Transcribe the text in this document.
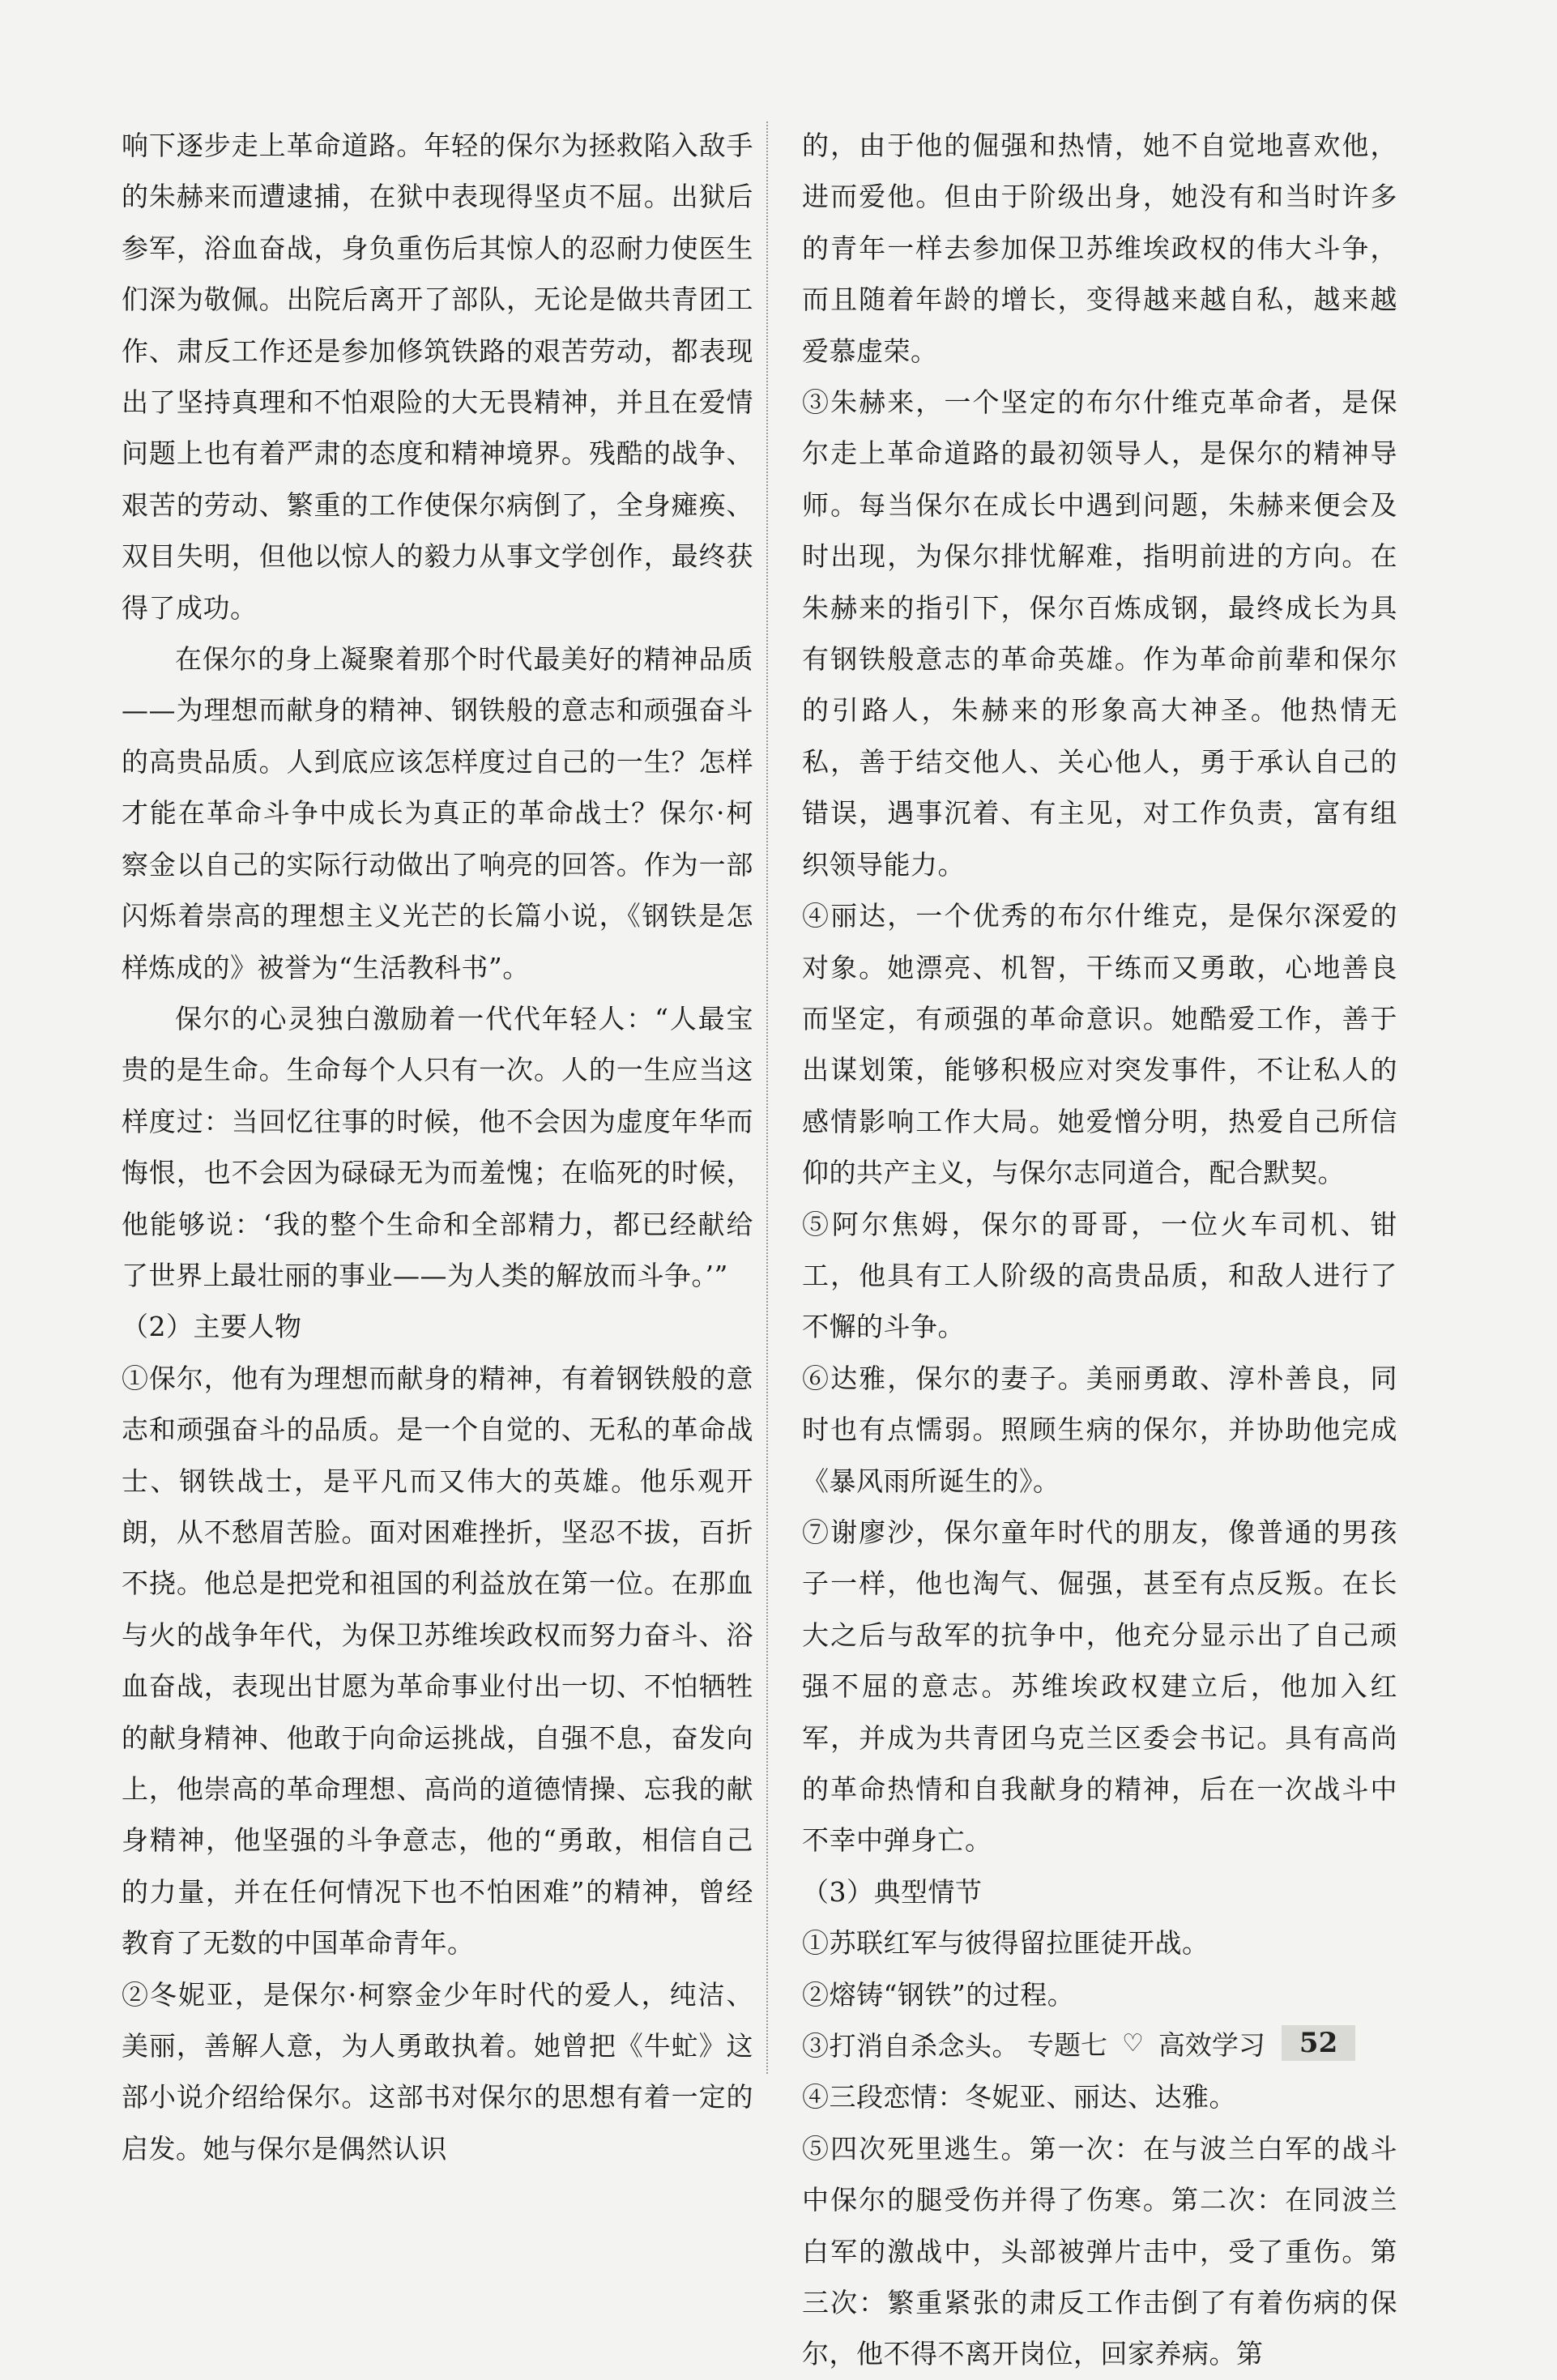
响下逐步走上革命道路。年轻的保尔为拯救陷入敌手的朱赫来而遭逮捕，在狱中表现得坚贞不屈。出狱后参军，浴血奋战，身负重伤后其惊人的忍耐力使医生们深为敬佩。出院后离开了部队，无论是做共青团工作、肃反工作还是参加修筑铁路的艰苦劳动，都表现出了坚持真理和不怕艰险的大无畏精神，并且在爱情问题上也有着严肃的态度和精神境界。残酷的战争、艰苦的劳动、繁重的工作使保尔病倒了，全身瘫痪、双目失明，但他以惊人的毅力从事文学创作，最终获得了成功。

在保尔的身上凝聚着那个时代最美好的精神品质——为理想而献身的精神、钢铁般的意志和顽强奋斗的高贵品质。人到底应该怎样度过自己的一生？怎样才能在革命斗争中成长为真正的革命战士？保尔·柯察金以自己的实际行动做出了响亮的回答。作为一部闪烁着崇高的理想主义光芒的长篇小说，《钢铁是怎样炼成的》被誉为“生活教科书”。

保尔的心灵独白激励着一代代年轻人：“人最宝贵的是生命。生命每个人只有一次。人的一生应当这样度过：当回忆往事的时候，他不会因为虚度年华而悔恨，也不会因为碌碌无为而羞愧；在临死的时候，他能够说：‘我的整个生命和全部精力，都已经献给了世界上最壮丽的事业——为人类的解放而斗争。’”

（2）主要人物

①保尔，他有为理想而献身的精神，有着钢铁般的意志和顽强奋斗的品质。是一个自觉的、无私的革命战士、钢铁战士，是平凡而又伟大的英雄。他乐观开朗，从不愁眉苦脸。面对困难挫折，坚忍不拔，百折不挠。他总是把党和祖国的利益放在第一位。在那血与火的战争年代，为保卫苏维埃政权而努力奋斗、浴血奋战，表现出甘愿为革命事业付出一切、不怕牺牲的献身精神、他敢于向命运挑战，自强不息，奋发向上，他崇高的革命理想、高尚的道德情操、忘我的献身精神，他坚强的斗争意志，他的“勇敢，相信自己的力量，并在任何情况下也不怕困难”的精神，曾经教育了无数的中国革命青年。

②冬妮亚，是保尔·柯察金少年时代的爱人，纯洁、美丽，善解人意，为人勇敢执着。她曾把《牛虻》这部小说介绍给保尔。这部书对保尔的思想有着一定的启发。她与保尔是偶然认识

的，由于他的倔强和热情，她不自觉地喜欢他，进而爱他。但由于阶级出身，她没有和当时许多的青年一样去参加保卫苏维埃政权的伟大斗争，而且随着年龄的增长，变得越来越自私，越来越爱慕虚荣。

③朱赫来，一个坚定的布尔什维克革命者，是保尔走上革命道路的最初领导人，是保尔的精神导师。每当保尔在成长中遇到问题，朱赫来便会及时出现，为保尔排忧解难，指明前进的方向。在朱赫来的指引下，保尔百炼成钢，最终成长为具有钢铁般意志的革命英雄。作为革命前辈和保尔的引路人，朱赫来的形象高大神圣。他热情无私，善于结交他人、关心他人，勇于承认自己的错误，遇事沉着、有主见，对工作负责，富有组织领导能力。

④丽达，一个优秀的布尔什维克，是保尔深爱的对象。她漂亮、机智，干练而又勇敢，心地善良而坚定，有顽强的革命意识。她酷爱工作，善于出谋划策，能够积极应对突发事件，不让私人的感情影响工作大局。她爱憎分明，热爱自己所信仰的共产主义，与保尔志同道合，配合默契。

⑤阿尔焦姆，保尔的哥哥，一位火车司机、钳工，他具有工人阶级的高贵品质，和敌人进行了不懈的斗争。

⑥达雅，保尔的妻子。美丽勇敢、淳朴善良，同时也有点懦弱。照顾生病的保尔，并协助他完成《暴风雨所诞生的》。

⑦谢廖沙，保尔童年时代的朋友，像普通的男孩子一样，他也淘气、倔强，甚至有点反叛。在长大之后与敌军的抗争中，他充分显示出了自己顽强不屈的意志。苏维埃政权建立后，他加入红军，并成为共青团乌克兰区委会书记。具有高尚的革命热情和自我献身的精神，后在一次战斗中不幸中弹身亡。

（3）典型情节

①苏联红军与彼得留拉匪徒开战。

②熔铸“钢铁”的过程。

③打消自杀念头。

④三段恋情：冬妮亚、丽达、达雅。

⑤四次死里逃生。第一次：在与波兰白军的战斗中保尔的腿受伤并得了伤寒。第二次：在同波兰白军的激战中，头部被弹片击中，受了重伤。第三次：繁重紧张的肃反工作击倒了有着伤病的保尔，他不得不离开岗位，回家养病。第

专题七 ♡ 高效学习	52
